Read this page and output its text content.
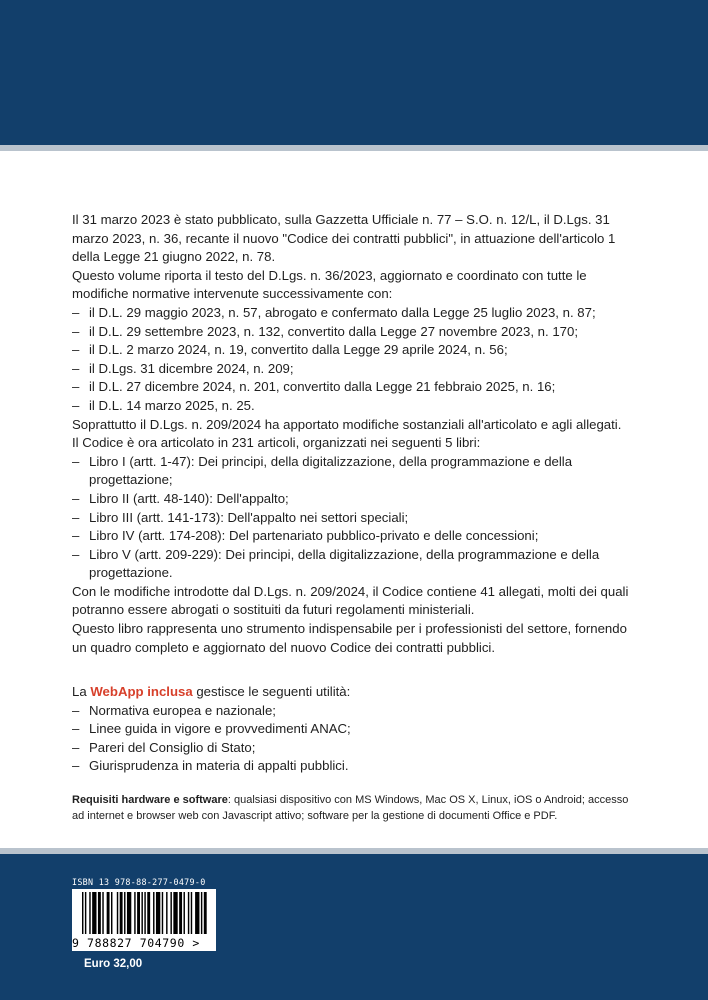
Il 31 marzo 2023 è stato pubblicato, sulla Gazzetta Ufficiale n. 77 – S.O. n. 12/L, il D.Lgs. 31 marzo 2023, n. 36, recante il nuovo "Codice dei contratti pubblici", in attuazione dell'articolo 1 della Legge 21 giugno 2022, n. 78.

Questo volume riporta il testo del D.Lgs. n. 36/2023, aggiornato e coordinato con tutte le modifiche normative intervenute successivamente con:

– il D.L. 29 maggio 2023, n. 57, abrogato e confermato dalla Legge 25 luglio 2023, n. 87;
– il D.L. 29 settembre 2023, n. 132, convertito dalla Legge 27 novembre 2023, n. 170;
– il D.L. 2 marzo 2024, n. 19, convertito dalla Legge 29 aprile 2024, n. 56;
– il D.Lgs. 31 dicembre 2024, n. 209;
– il D.L. 27 dicembre 2024, n. 201, convertito dalla Legge 21 febbraio 2025, n. 16;
– il D.L. 14 marzo 2025, n. 25.

Soprattutto il D.Lgs. n. 209/2024 ha apportato modifiche sostanziali all'articolato e agli allegati.

Il Codice è ora articolato in 231 articoli, organizzati nei seguenti 5 libri:

– Libro I (artt. 1-47): Dei principi, della digitalizzazione, della programmazione e della progettazione;
– Libro II (artt. 48-140): Dell'appalto;
– Libro III (artt. 141-173): Dell'appalto nei settori speciali;
– Libro IV (artt. 174-208): Del partenariato pubblico-privato e delle concessioni;
– Libro V (artt. 209-229): Dei principi, della digitalizzazione, della programmazione e della progettazione.

Con le modifiche introdotte dal D.Lgs. n. 209/2024, il Codice contiene 41 allegati, molti dei quali potranno essere abrogati o sostituiti da futuri regolamenti ministeriali.

Questo libro rappresenta uno strumento indispensabile per i professionisti del settore, fornendo un quadro completo e aggiornato del nuovo Codice dei contratti pubblici.

La WebApp inclusa gestisce le seguenti utilità:

– Normativa europea e nazionale;
– Linee guida in vigore e provvedimenti ANAC;
– Pareri del Consiglio di Stato;
– Giurisprudenza in materia di appalti pubblici.

Requisiti hardware e software: qualsiasi dispositivo con MS Windows, Mac OS X, Linux, iOS o Android; accesso ad internet e browser web con Javascript attivo; software per la gestione di documenti Office e PDF.

ISBN 13 978-88-277-0479-0
9 788827 704790 >
Euro 32,00
